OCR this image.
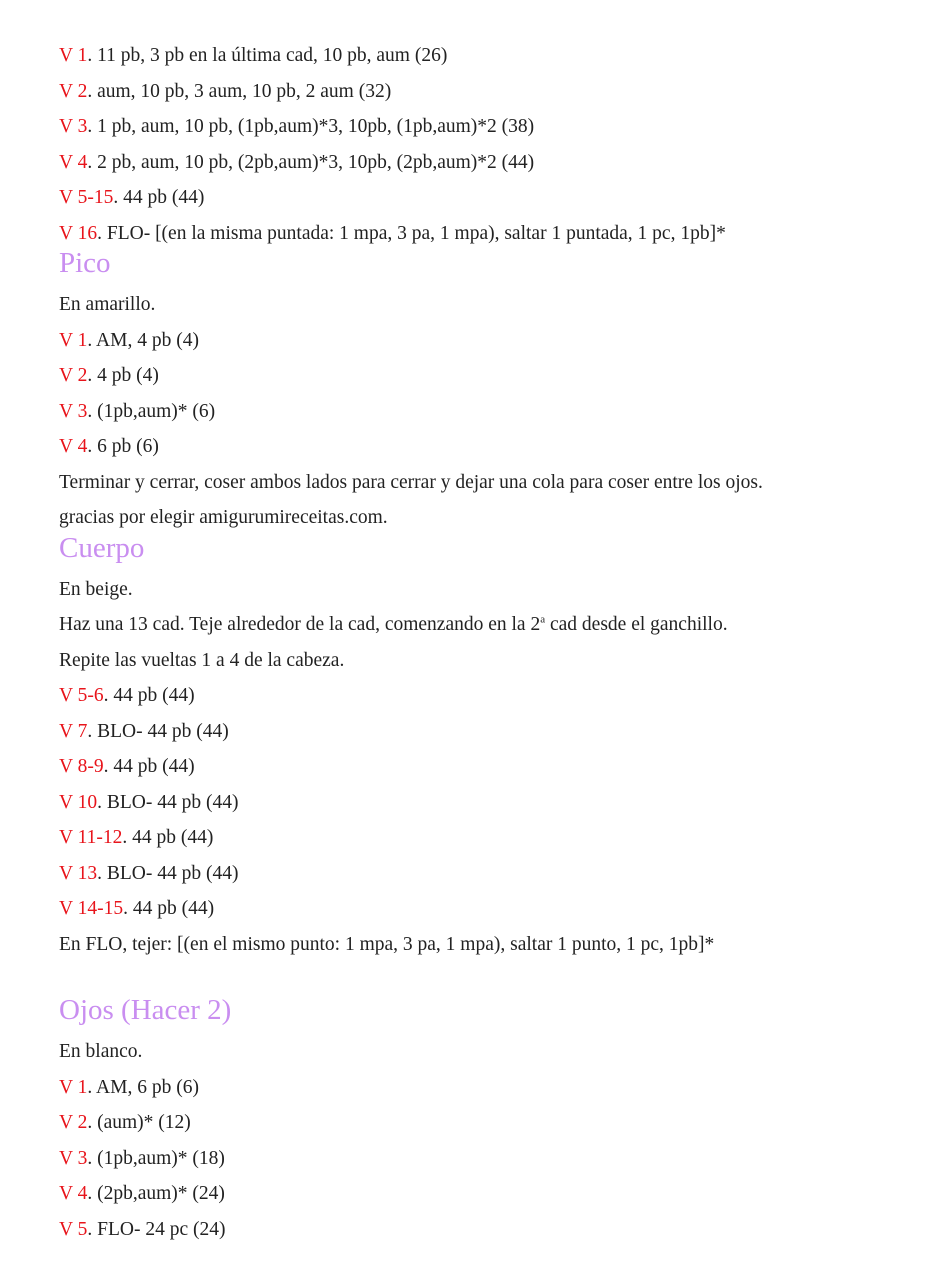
V 1. 11 pb, 3 pb en la última cad, 10 pb, aum (26)
V 2. aum, 10 pb, 3 aum, 10 pb, 2 aum (32)
V 3. 1 pb, aum, 10 pb, (1pb,aum)*3, 10pb, (1pb,aum)*2 (38)
V 4. 2 pb, aum, 10 pb, (2pb,aum)*3, 10pb, (2pb,aum)*2 (44)
V 5-15. 44 pb (44)
V 16. FLO- [(en la misma puntada: 1 mpa, 3 pa, 1 mpa), saltar 1 puntada, 1 pc, 1pb]*
Pico
En amarillo.
V 1. AM, 4 pb (4)
V 2. 4 pb (4)
V 3. (1pb,aum)* (6)
V 4. 6 pb (6)
Terminar y cerrar, coser ambos lados para cerrar y dejar una cola para coser entre los ojos.
gracias por elegir amigurumireceitas.com.
Cuerpo
En beige.
Haz una 13 cad. Teje alrededor de la cad, comenzando en la 2$^a$ cad desde el ganchillo.
Repite las vueltas 1 a 4 de la cabeza.
V 5-6. 44 pb (44)
V 7. BLO- 44 pb (44)
V 8-9. 44 pb (44)
V 10. BLO- 44 pb (44)
V 11-12. 44 pb (44)
V 13. BLO- 44 pb (44)
V 14-15. 44 pb (44)
En FLO, tejer: [(en el mismo punto: 1 mpa, 3 pa, 1 mpa), saltar 1 punto, 1 pc, 1pb]*
Ojos (Hacer 2)
En blanco.
V 1. AM, 6 pb (6)
V 2. (aum)* (12)
V 3. (1pb,aum)* (18)
V 4. (2pb,aum)* (24)
V 5. FLO- 24 pc (24)
